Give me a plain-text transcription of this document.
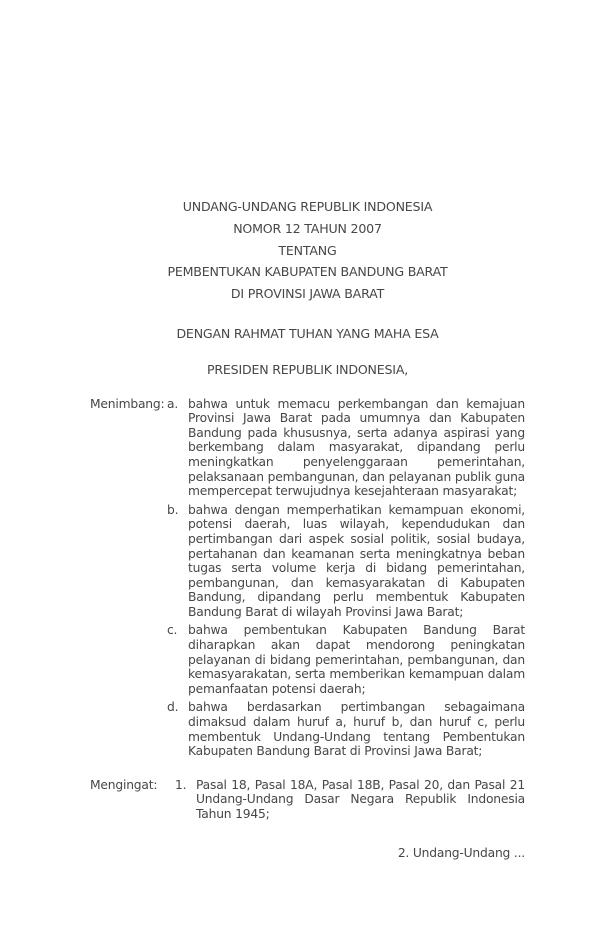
UNDANG-UNDANG REPUBLIK INDONESIA
NOMOR 12 TAHUN 2007
TENTANG
PEMBENTUKAN KABUPATEN BANDUNG BARAT
DI PROVINSI JAWA BARAT
DENGAN RAHMAT TUHAN YANG MAHA ESA
PRESIDEN REPUBLIK INDONESIA,
Menimbang: a. bahwa untuk memacu perkembangan dan kemajuan Provinsi Jawa Barat pada umumnya dan Kabupaten Bandung pada khususnya, serta adanya aspirasi yang berkembang dalam masyarakat, dipandang perlu meningkatkan penyelenggaraan pemerintahan, pelaksanaan pembangunan, dan pelayanan publik guna mempercepat terwujudnya kesejahteraan masyarakat;
b. bahwa dengan memperhatikan kemampuan ekonomi, potensi daerah, luas wilayah, kependudukan dan pertimbangan dari aspek sosial politik, sosial budaya, pertahanan dan keamanan serta meningkatnya beban tugas serta volume kerja di bidang pemerintahan, pembangunan, dan kemasyarakatan di Kabupaten Bandung, dipandang perlu membentuk Kabupaten Bandung Barat di wilayah Provinsi Jawa Barat;
c. bahwa pembentukan Kabupaten Bandung Barat diharapkan akan dapat mendorong peningkatan pelayanan di bidang pemerintahan, pembangunan, dan kemasyarakatan, serta memberikan kemampuan dalam pemanfaatan potensi daerah;
d. bahwa berdasarkan pertimbangan sebagaimana dimaksud dalam huruf a, huruf b, dan huruf c, perlu membentuk Undang-Undang tentang Pembentukan Kabupaten Bandung Barat di Provinsi Jawa Barat;
Mengingat:	1. Pasal 18, Pasal 18A, Pasal 18B, Pasal 20, dan Pasal 21 Undang-Undang Dasar Negara Republik Indonesia Tahun 1945;
2. Undang-Undang ...
